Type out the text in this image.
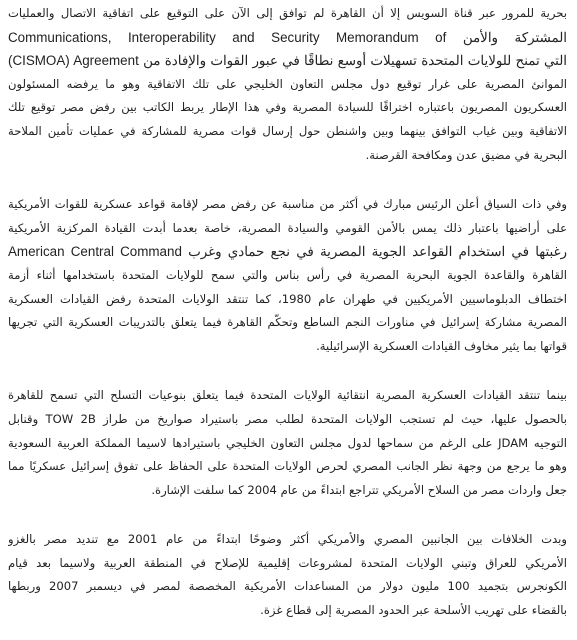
بحرية للمرور عبر قناة السويس إلا أن القاهرة لم توافق إلى الآن على التوقيع على اتفاقية الاتصال والعمليات
المشتركة والأمن Communications, Interoperability and Security Memorandum of
(CISMOA) Agreement التي تمنح للولايات المتحدة تسهيلات أوسع نطاقًا في عبور القوات والإفادة من
الموانئ المصرية على غرار توقيع دول مجلس التعاون الخليجي على تلك الاتفاقية وهو ما يرفضه المسئولون
العسكريون المصريون باعتباره اختراقًا للسيادة المصرية وفي هذا الإطار يربط الكاتب بين رفض مصر توقيع تلك
الاتفاقية وبين غياب التوافق بينهما وبين واشنطن حول إرسال قوات مصرية للمشاركة في عمليات تأمين الملاحة
البحرية في مضيق عدن ومكافحة القرصنة.

وفي ذات السياق أعلن الرئيس مبارك في أكثر من مناسبة عن رفض مصر لإقامة قواعد عسكرية للقوات الأمريكية
على أراضيها باعتبار ذلك يمس بالأمن القومي والسيادة المصرية، خاصة بعدما أبدت القيادة المركزية الأمريكية
American Central Command رغبتها في استخدام القواعد الجوية المصرية في نجع حمادي وغرب
القاهرة والقاعدة الجوية البحرية المصرية في رأس بناس والتي سمح للولايات المتحدة باستخدامها أثناء أزمة
اختطاف الدبلوماسيين الأمريكيين في طهران عام 1980، كما تنتقد الولايات المتحدة رفض القيادات العسكرية
المصرية مشاركة إسرائيل في مناورات النجم الساطع وتحكّم القاهرة فيما يتعلق بالتدريبات العسكرية التي تجريها
قواتها بما يثير مخاوف القيادات العسكرية الإسرائيلية.

بينما تنتقد القيادات العسكرية المصرية انتقائية الولايات المتحدة فيما يتعلق بنوعيات التسلح التي تسمح للقاهرة
بالحصول عليها، حيث لم تستجب الولايات المتحدة لطلب مصر باستيراد صواريخ من طراز TOW 2B وقنابل
التوجيه JDAM على الرغم من سماحها لدول مجلس التعاون الخليجي باستيرادها لاسيما المملكة العربية السعودية
وهو ما يرجع من وجهة نظر الجانب المصري لحرص الولايات المتحدة على الحفاظ على تفوق إسرائيل عسكريًا مما
جعل واردات مصر من السلاح الأمريكي تتراجع ابتداءً من عام 2004 كما سلفت الإشارة.

وبدت الخلافات بين الجانبين المصري والأمريكي أكثر وضوحًا ابتداءً من عام 2001 مع تنديد مصر بالغزو
الأمريكي للعراق وتبني الولايات المتحدة لمشروعات إقليمية للإصلاح في المنطقة العربية ولاسيما بعد قيام
الكونجرس بتجميد 100 مليون دولار من المساعدات الأمريكية المخصصة لمصر في ديسمبر 2007 وربطها
بالقضاء على تهريب الأسلحة عبر الحدود المصرية إلى قطاع غزة.
